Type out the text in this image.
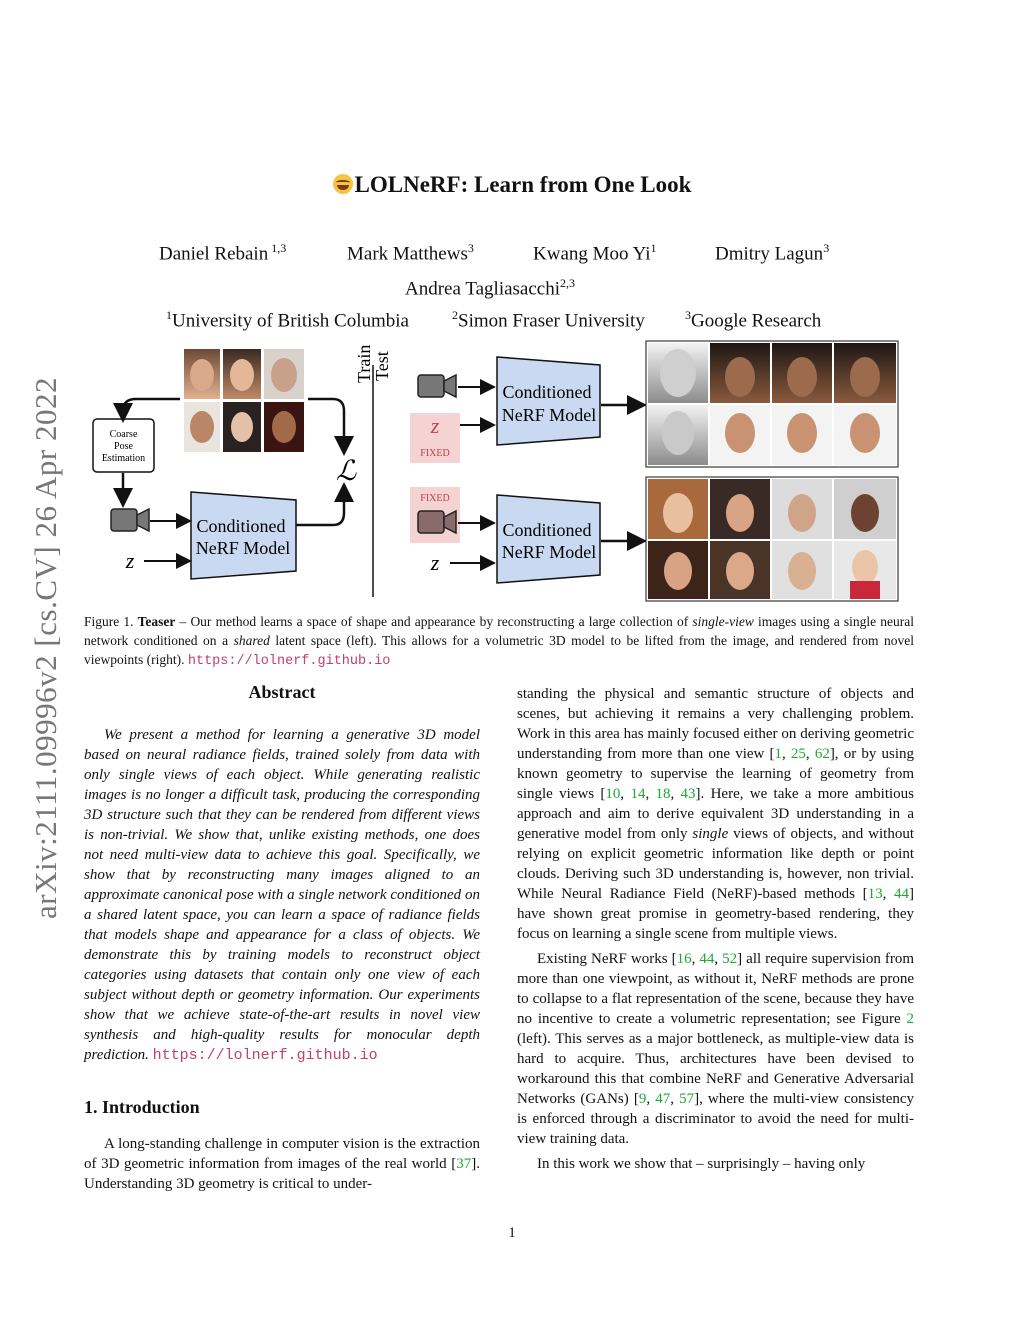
arXiv:2111.09996v2 [cs.CV] 26 Apr 2022
LOLNeRF: Learn from One Look
Daniel Rebain $^{1,3}$	Mark Matthews$^3$	Kwang Moo Yi$^1$	Dmitry Lagun$^3$
Andrea Tagliasacchi$^{2,3}$
$^1$University of British Columbia	$^2$Simon Fraser University	$^3$Google Research
Coarse
Pose
Estimation
z
Conditioned
NeRF Model
ℒ
Train
Test
z
FIXED
Conditioned
NeRF Model
FIXED
z
Conditioned
NeRF Model
Figure 1. Teaser – Our method learns a space of shape and appearance by reconstructing a large collection of single-view images using a single neural network conditioned on a shared latent space (left). This allows for a volumetric 3D model to be lifted from the image, and rendered from novel viewpoints (right). https://lolnerf.github.io
Abstract

We present a method for learning a generative 3D model based on neural radiance fields, trained solely from data with only single views of each object. While generating realistic images is no longer a difficult task, producing the corresponding 3D structure such that they can be rendered from different views is non-trivial. We show that, unlike existing methods, one does not need multi-view data to achieve this goal. Specifically, we show that by reconstructing many images aligned to an approximate canonical pose with a single network conditioned on a shared latent space, you can learn a space of radiance fields that models shape and appearance for a class of objects. We demonstrate this by training models to reconstruct object categories using datasets that contain only one view of each subject without depth or geometry information. Our experiments show that we achieve state-of-the-art results in novel view synthesis and high-quality results for monocular depth prediction. https://lolnerf.github.io

1. Introduction

A long-standing challenge in computer vision is the extraction of 3D geometric information from images of the real world [37]. Understanding 3D geometry is critical to under-

standing the physical and semantic structure of objects and scenes, but achieving it remains a very challenging problem. Work in this area has mainly focused either on deriving geometric understanding from more than one view [1, 25, 62], or by using known geometry to supervise the learning of geometry from single views [10, 14, 18, 43]. Here, we take a more ambitious approach and aim to derive equivalent 3D understanding in a generative model from only single views of objects, and without relying on explicit geometric information like depth or point clouds. Deriving such 3D understanding is, however, non trivial. While Neural Radiance Field (NeRF)-based methods [13, 44] have shown great promise in geometry-based rendering, they focus on learning a single scene from multiple views.

Existing NeRF works [16, 44, 52] all require supervision from more than one viewpoint, as without it, NeRF methods are prone to collapse to a flat representation of the scene, because they have no incentive to create a volumetric representation; see Figure 2 (left). This serves as a major bottleneck, as multiple-view data is hard to acquire. Thus, architectures have been devised to workaround this that combine NeRF and Generative Adversarial Networks (GANs) [9, 47, 57], where the multi-view consistency is enforced through a discriminator to avoid the need for multi-view training data.

In this work we show that – surprisingly – having only

1
